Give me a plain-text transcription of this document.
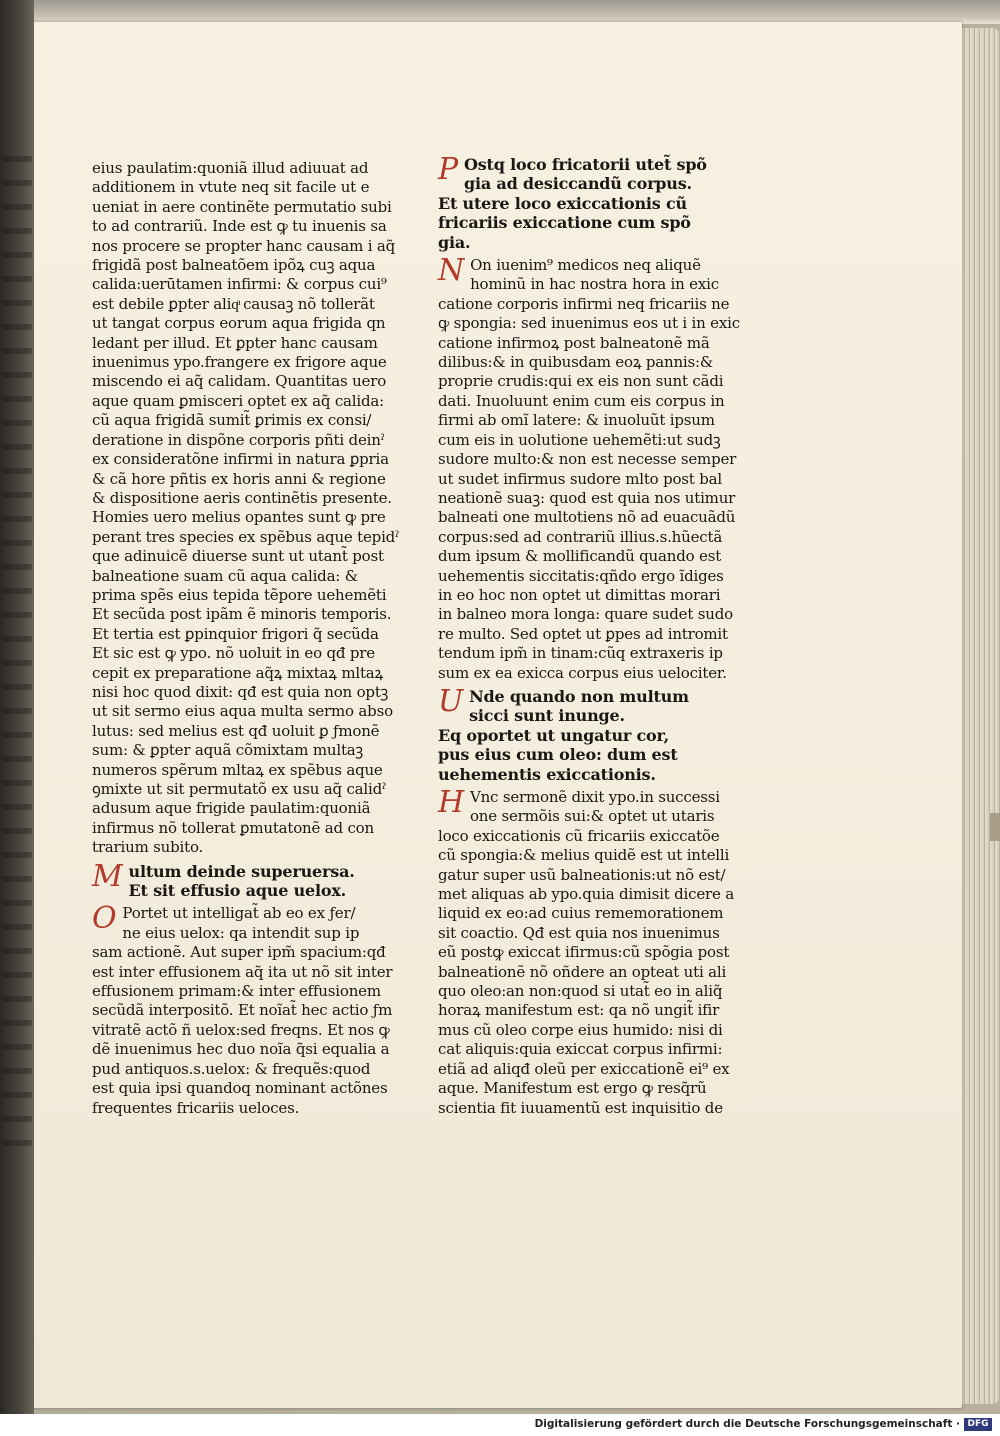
eius paulatim:quoniã illud adiuuat ad
additionem in vtute neq sit facile ut e
ueniat in aere continẽte permutatio subi
to ad contrariũ. Inde est ꝙ tu inuenis sa
nos procere se propter hanc causam i aq̃
frigidã post balneatõem ipõꝝ cuꝫ aqua
calida:uerūtamen infirmi: & corpus cui⁹
est debile ꝑpter aliqͣ causaꝫ nõ tollerãt
ut tangat corpus eorum aqua frigida qn
ledant per illud. Et ꝑpter hanc causam
inuenimus ypo.frangere ex frigore aque
miscendo ei aq̃ calidam. Quantitas uero
aque quam ꝑmisceri optet ex aq̃ calida:
cũ aqua frigidã sumit̃ ꝑrimis ex consi/
deratione in dispõne corporis pñti deinˀ
ex consideratõne infirmi in natura ꝑpria
& cã hore pñtis ex horis anni & regione
& dispositione aeris continẽtis presente.
Homies uero melius opantes sunt ꝙ pre
perant tres species ex spẽbus aque tepidˀ
que adinuicẽ diuerse sunt ut utant̃ post
balneatione suam cũ aqua calida: &
prima spẽs eius tepida tẽpore uehemẽti
Et secũda post ipãm ẽ minoris temporis.
Et tertia est ꝑpinquior frigori q̃ secũda
Et sic est ꝙ ypo. nõ uoluit in eo qđ pre
cepit ex preparatione aq̃ꝝ mixtaꝝ mltaꝝ
nisi hoc quod dixit: qđ est quia non optꝫ
ut sit sermo eius aqua multa sermo abso
lutus: sed melius est qđ uoluit ꝑ ƒmonẽ
sum: & ꝑpter aquã cõmixtam multaꝫ
numeros spẽrum mltaꝝ ex spẽbus aque
ꝯmixte ut sit permutatõ ex usu aq̃ calidˀ
adusum aque frigide paulatim:quoniã
infirmus nõ tollerat ꝑmutatonẽ ad con
trarium subito.
M ultum deinde superuersa.
Et sit effusio aque uelox.
O Portet ut intelligat̃ ab eo ex ƒer/
ne eius uelox: qa intendit sup ip
sam actionẽ. Aut super ipm̃ spacium:qđ
est inter effusionem aq̃ ita ut nõ sit inter
effusionem primam:& inter effusionem
secũdã interpositõ. Et noĩat̃ hec actio ƒm
vitratẽ actõ ñ uelox:sed freqns. Et nos ꝙ
dẽ inuenimus hec duo noĩa q̃si equalia a
pud antiquos.s.uelox: & frequẽs:quod
est quia ipsi quandoq nominant actõnes
frequentes fricariis ueloces.
P Ostq loco fricatorii utet̃ spõ
gia ad desiccandũ corpus.
Et utere loco exiccationis cũ
fricariis exiccatione cum spõ
gia.
N On iuenim⁹ medicos neq aliquẽ
hominũ in hac nostra hora in exic
catione corporis infirmi neq fricariis ne
ꝙ spongia: sed inuenimus eos ut i in exic
catione infirmoꝝ post balneatonẽ mã
dilibus:& in quibusdam eoꝝ pannis:&
proprie crudis:qui ex eis non sunt cãdi
dati. Inuoluunt enim cum eis corpus in
firmi ab omĩ latere: & inuoluũt ipsum
cum eis in uolutione uehemẽti:ut sudꝫ
sudore multo:& non est necesse semper
ut sudet infirmus sudore mlto post bal
neationẽ suaꝫ: quod est quia nos utimur
balneati one multotiens nõ ad euacuãdũ
corpus:sed ad contrariũ illius.s.hũectã
dum ipsum & mollificandũ quando est
uehementis siccitatis:qñdo ergo ĩdiges
in eo hoc non optet ut dimittas morari
in balneo mora longa: quare sudet sudo
re multo. Sed optet ut ꝑpes ad intromit
tendum ipm̃ in tinam:cũq extraxeris ip
sum ex ea exicca corpus eius uelociter.
U Nde quando non multum
sicci sunt inunge.
Eq oportet ut ungatur cor,
pus eius cum oleo: dum est
uehementis exiccationis.
H Vnc sermonẽ dixit ypo.in successi
one sermõis sui:& optet ut utaris
loco exiccationis cũ fricariis exiccatõe
cũ spongia:& melius quidẽ est ut intelli
gatur super usũ balneationis:ut nõ est/
met aliquas ab ypo.quia dimisit dicere a
liquid ex eo:ad cuius rememorationem
sit coactio. Qđ est quia nos inuenimus
eũ postꝙ exiccat ifirmus:cũ spõgia post
balneationẽ nõ oñdere an opteat uti ali
quo oleo:an non:quod si utat̃ eo in aliq̃
horaꝝ manifestum est: qa nõ ungit̃ ifir
mus cũ oleo corpe eius humido: nisi di
cat aliquis:quia exiccat corpus infirmi:
etiã ad aliqđ oleũ per exiccationẽ ei⁹ ex
aque. Manifestum est ergo ꝙ resq̃rũ
scientia fit iuuamentũ est inquisitio de
Digitalisierung gefördert durch die Deutsche Forschungsgemeinschaft · DFG
